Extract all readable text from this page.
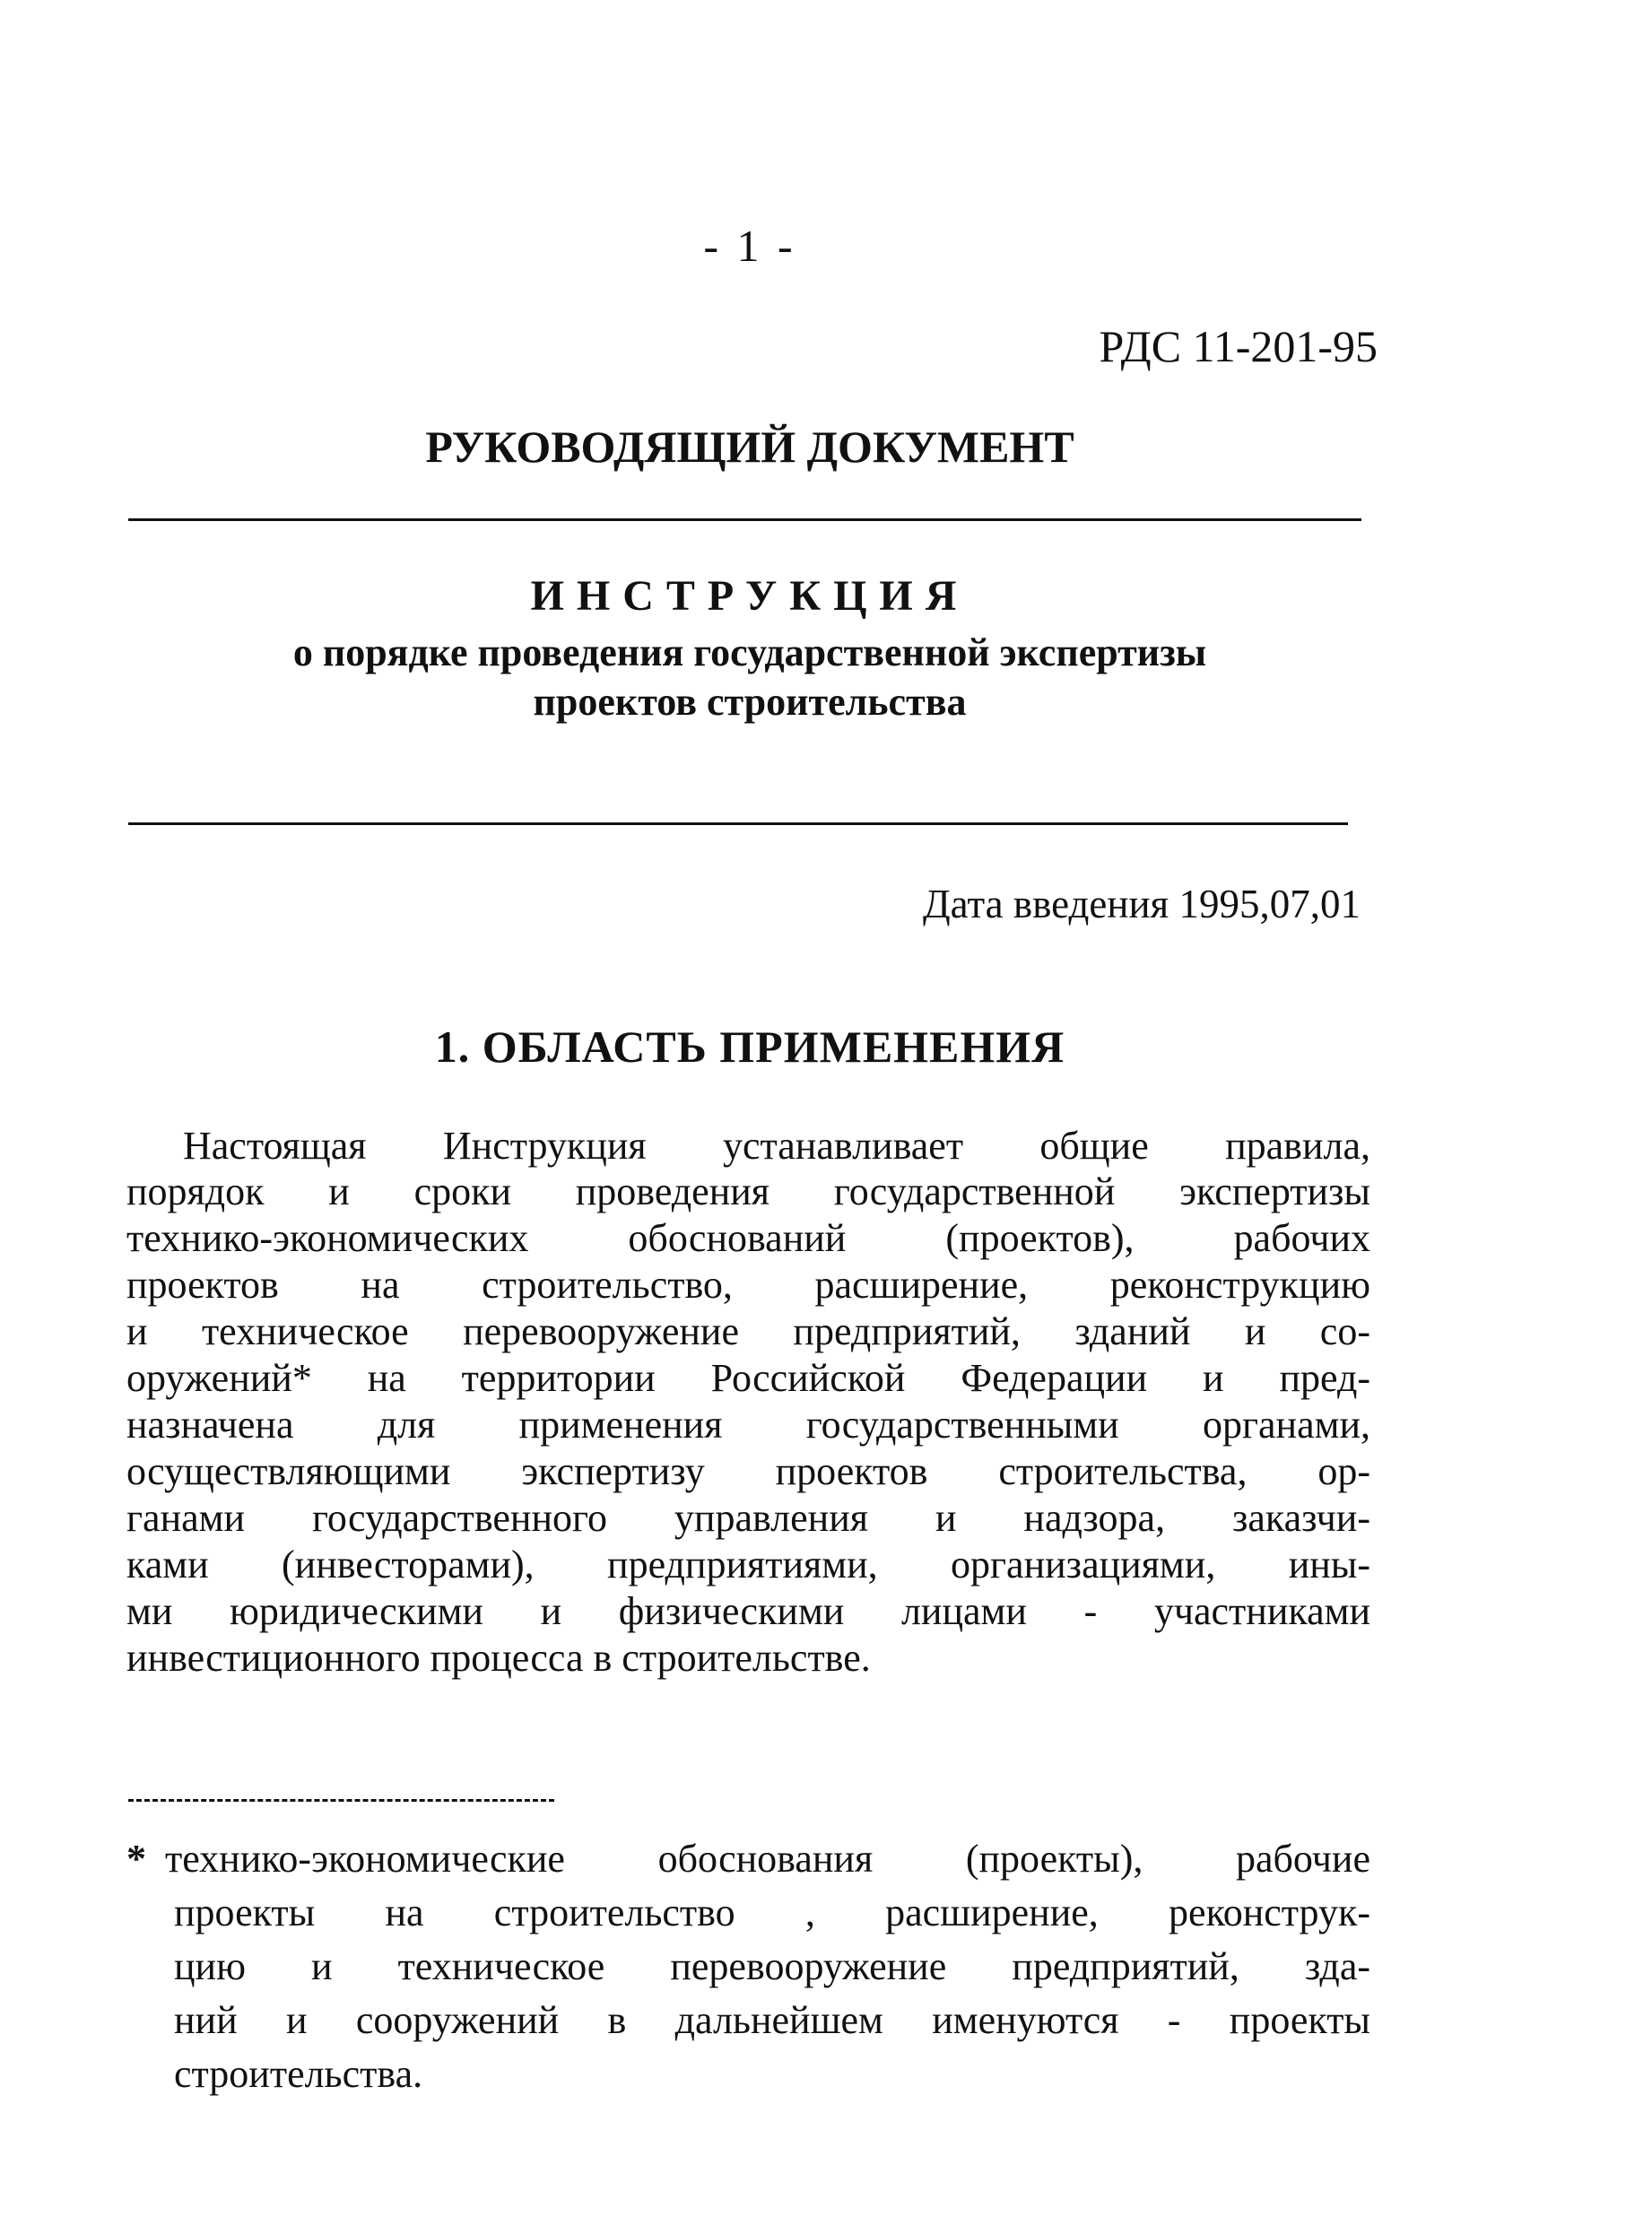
- 1 -
РДС 11-201-95
РУКОВОДЯЩИЙ ДОКУМЕНТ
ИНСТРУКЦИЯ
о порядке проведения государственной экспертизы
проектов строительства
Дата введения 1995,07,01
1. ОБЛАСТЬ ПРИМЕНЕНИЯ
Настоящая Инструкция устанавливает общие правила,
порядок и сроки проведения государственной экспертизы
технико-экономических обоснований (проектов), рабочих
проектов на строительство, расширение, реконструкцию
и техническое перевооружение предприятий, зданий и со-
оружений* на территории Российской Федерации и пред-
назначена для применения государственными органами,
осуществляющими экспертизу проектов строительства, ор-
ганами государственного управления и надзора, заказчи-
ками (инвесторами), предприятиями, организациями, ины-
ми юридическими и физическими лицами - участниками
инвестиционного процесса в строительстве.
* технико-экономические обоснования (проекты), рабочие
проекты на строительство , расширение, реконструк-
цию и техническое перевооружение предприятий, зда-
ний и сооружений в дальнейшем именуются - проекты
строительства.
